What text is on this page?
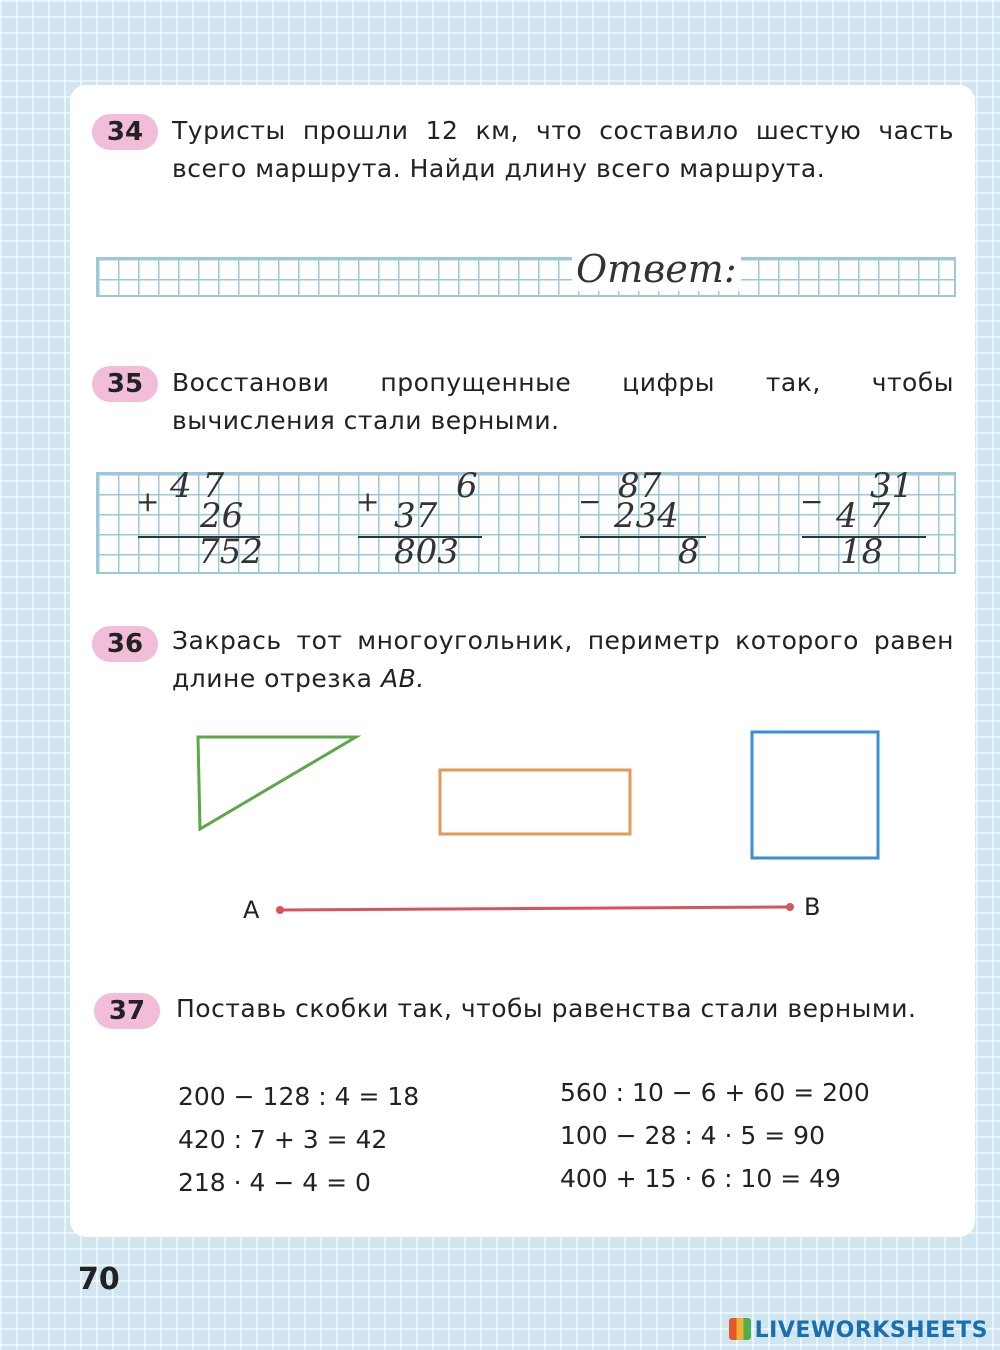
34	Туристы прошли 12 км, что составило шестую часть всего маршрута. Найди длину всего маршрута.
Ответ:
35	Восстанови пропущенные цифры так, чтобы вычисления стали верными.
+ 4 7
26
752
+ 6
37
803
− 87
234
8
− 31
4 7
18
36	Закрась тот многоугольник, периметр которого равен длине отрезка AB.
A	B
37	Поставь скобки так, чтобы равенства стали верными.
200 − 128 : 4 = 18
420 : 7 + 3 = 42
218 · 4 − 4 = 0
560 : 10 − 6 + 60 = 200
100 − 28 : 4 · 5 = 90
400 + 15 · 6 : 10 = 49
70
LIVEWORKSHEETS
